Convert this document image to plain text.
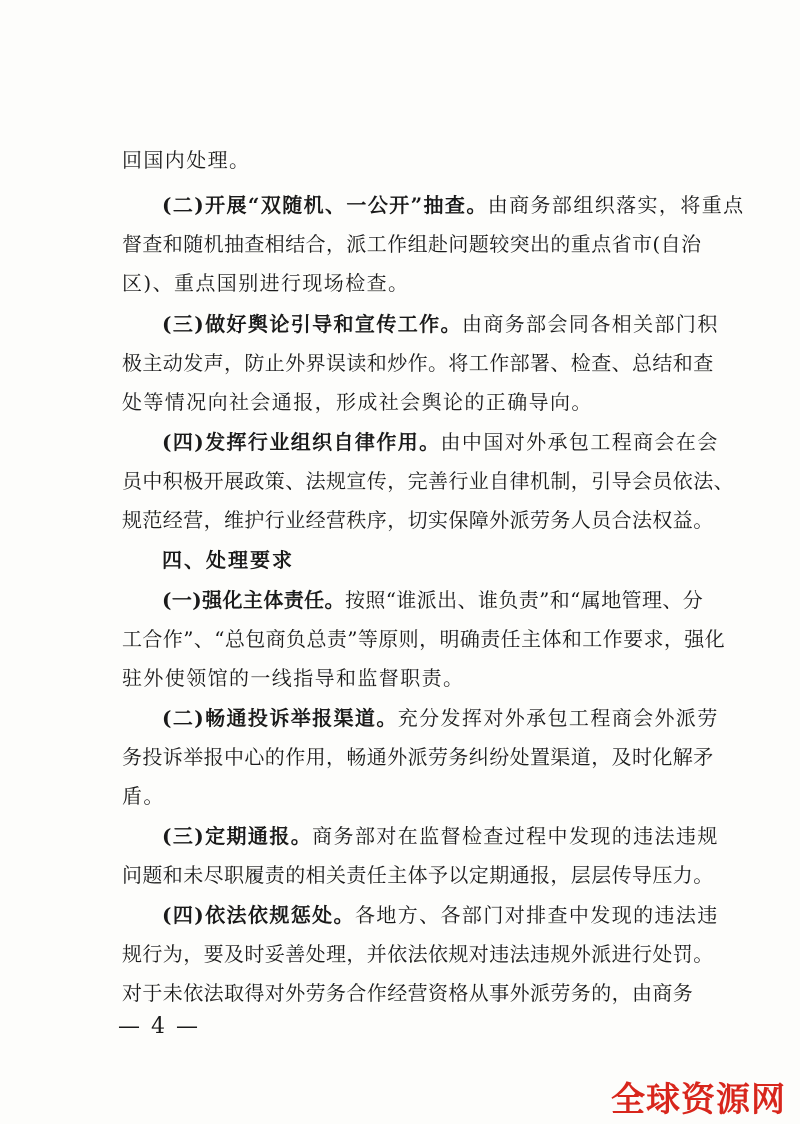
回国内处理。
(二)开展“双随机、一公开”抽查。由商务部组织落实，将重点
督查和随机抽查相结合，派工作组赴问题较突出的重点省市(自治
区)、重点国别进行现场检查。
(三)做好舆论引导和宣传工作。由商务部会同各相关部门积
极主动发声，防止外界误读和炒作。将工作部署、检查、总结和查
处等情况向社会通报，形成社会舆论的正确导向。
(四)发挥行业组织自律作用。由中国对外承包工程商会在会
员中积极开展政策、法规宣传，完善行业自律机制，引导会员依法、
规范经营，维护行业经营秩序，切实保障外派劳务人员合法权益。
四、处理要求
(一)强化主体责任。按照“谁派出、谁负责”和“属地管理、分
工合作”、“总包商负总责”等原则，明确责任主体和工作要求，强化
驻外使领馆的一线指导和监督职责。
(二)畅通投诉举报渠道。充分发挥对外承包工程商会外派劳
务投诉举报中心的作用，畅通外派劳务纠纷处置渠道，及时化解矛
盾。
(三)定期通报。商务部对在监督检查过程中发现的违法违规
问题和未尽职履责的相关责任主体予以定期通报，层层传导压力。
(四)依法依规惩处。各地方、各部门对排查中发现的违法违
规行为，要及时妥善处理，并依法依规对违法违规外派进行处罚。
对于未依法取得对外劳务合作经营资格从事外派劳务的，由商务
— 4 —
全球资源网
